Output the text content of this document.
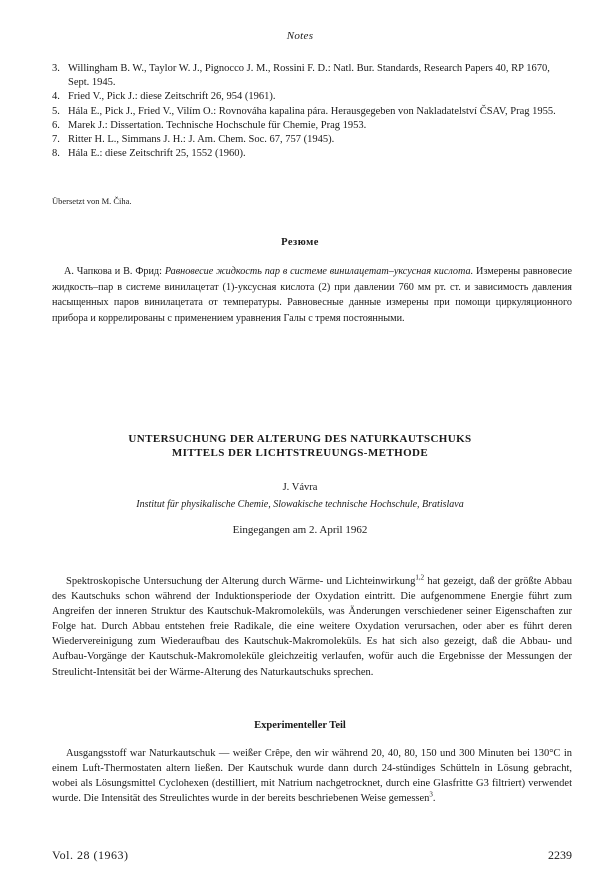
Notes
3. Willingham B. W., Taylor W. J., Pignocco J. M., Rossini F. D.: Natl. Bur. Standards, Research Papers 40, RP 1670, Sept. 1945.
4. Fried V., Pick J.: diese Zeitschrift 26, 954 (1961).
5. Hála E., Pick J., Fried V., Vilím O.: Rovnováha kapalina pára. Herausgegeben von Nakladatelství ČSAV, Prag 1955.
6. Marek J.: Dissertation. Technische Hochschule für Chemie, Prag 1953.
7. Ritter H. L., Simmans J. H.: J. Am. Chem. Soc. 67, 757 (1945).
8. Hála E.: diese Zeitschrift 25, 1552 (1960).
Übersetzt von M. Čiha.
Резюме
А. Чапкова и В. Фрид: Равновесие жидкость пар в системе винилацетат–уксусная кислота. Измерены равновесие жидкость–пар в системе винилацетат (1)-уксусная кислота (2) при давлении 760 мм рт. ст. и зависимость давления насыщенных паров винилацетата от температуры. Равновесные данные измерены при помощи циркуляционного прибора и коррелированы с применением уравнения Галы с тремя постоянными.
UNTERSUCHUNG DER ALTERUNG DES NATURKAUTSCHUKS
MITTELS DER LICHTSTREUUNGS-METHODE
J. Vávra
Institut für physikalische Chemie, Slowakische technische Hochschule, Bratislava
Eingegangen am 2. April 1962
Spektroskopische Untersuchung der Alterung durch Wärme- und Lichteinwirkung$^{1,2}$ hat gezeigt, daß der größte Abbau des Kautschuks schon während der Induktionsperiode der Oxydation eintritt. Die aufgenommene Energie führt zum Angreifen der inneren Struktur des Kautschuk-Makromoleküls, was Änderungen verschiedener seiner Eigenschaften zur Folge hat. Durch Abbau entstehen freie Radikale, die eine weitere Oxydation verursachen, oder aber es führt deren Wiedervereinigung zum Wiederaufbau des Kautschuk-Makromoleküls. Es hat sich also gezeigt, daß die Abbau- und Aufbau-Vorgänge der Kautschuk-Makromoleküle gleichzeitig verlaufen, wofür auch die Ergebnisse der Messungen der Streulicht-Intensität bei der Wärme-Alterung des Naturkautschuks sprechen.
Experimenteller Teil
Ausgangsstoff war Naturkautschuk — weißer Crêpe, den wir während 20, 40, 80, 150 und 300 Minuten bei 130°C in einem Luft-Thermostaten altern ließen. Der Kautschuk wurde dann durch 24-stündiges Schütteln in Lösung gebracht, wobei als Lösungsmittel Cyclohexen (destilliert, mit Natrium nachgetrocknet, durch eine Glasfritte G3 filtriert) verwendet wurde. Die Intensität des Streulichtes wurde in der bereits beschriebenen Weise gemessen$^3$.
Vol. 28 (1963)	2239
